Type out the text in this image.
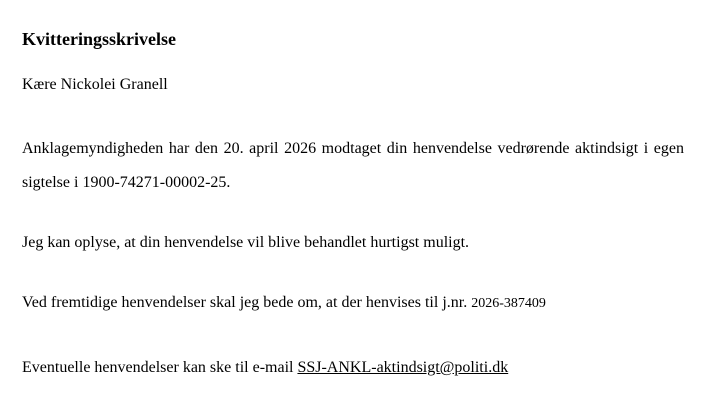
Kvitteringsskrivelse

Kære Nickolei Granell

Anklagemyndigheden har den 20. april 2026 modtaget din henvendelse vedrørende aktindsigt i egen sigtelse i 1900-74271-00002-25.

Jeg kan oplyse, at din henvendelse vil blive behandlet hurtigst muligt.

Ved fremtidige henvendelser skal jeg bede om, at der henvises til j.nr. 2026-387409

Eventuelle henvendelser kan ske til e-mail SSJ-ANKL-aktindsigt@politi.dk
